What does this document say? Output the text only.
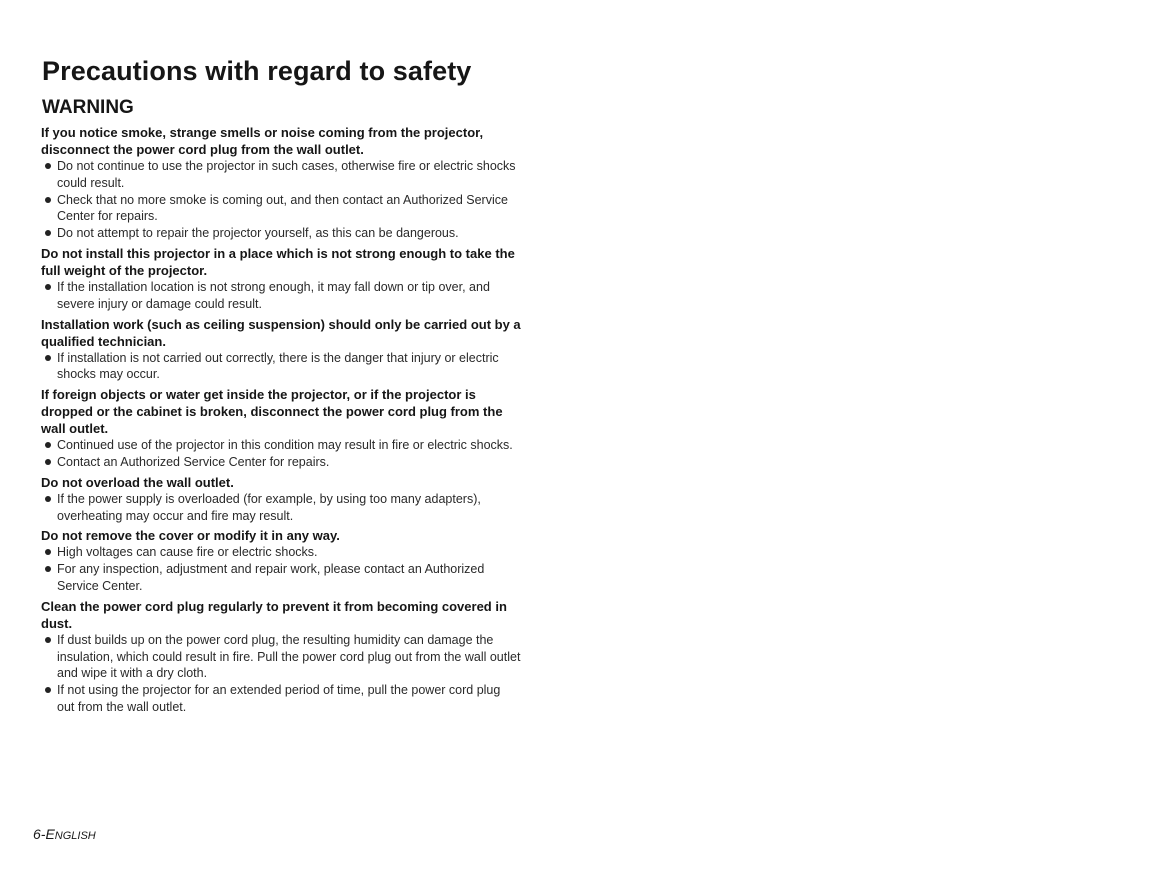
Precautions with regard to safety
WARNING

If you notice smoke, strange smells or noise coming from the projector, disconnect the power cord plug from the wall outlet.

Do not continue to use the projector in such cases, otherwise fire or electric shocks could result.
Check that no more smoke is coming out, and then contact an Authorized Service Center for repairs.
Do not attempt to repair the projector yourself, as this can be dangerous.

Do not install this projector in a place which is not strong enough to take the full weight of the projector.

If the installation location is not strong enough, it may fall down or tip over, and severe injury or damage could result.

Installation work (such as ceiling suspension) should only be carried out by a qualified technician.

If installation is not carried out correctly, there is the danger that injury or electric shocks may occur.

If foreign objects or water get inside the projector, or if the projector is dropped or the cabinet is broken, disconnect the power cord plug from the wall outlet.

Continued use of the projector in this condition may result in fire or electric shocks.
Contact an Authorized Service Center for repairs.

Do not overload the wall outlet.

If the power supply is overloaded (for example, by using too many adapters), overheating may occur and fire may result.

Do not remove the cover or modify it in any way.

High voltages can cause fire or electric shocks.
For any inspection, adjustment and repair work, please contact an Authorized Service Center.

Clean the power cord plug regularly to prevent it from becoming covered in dust.

If dust builds up on the power cord plug, the resulting humidity can damage the insulation, which could result in fire. Pull the power cord plug out from the wall outlet and wipe it with a dry cloth.
If not using the projector for an extended period of time, pull the power cord plug out from the wall outlet.
6-ENGLISH
